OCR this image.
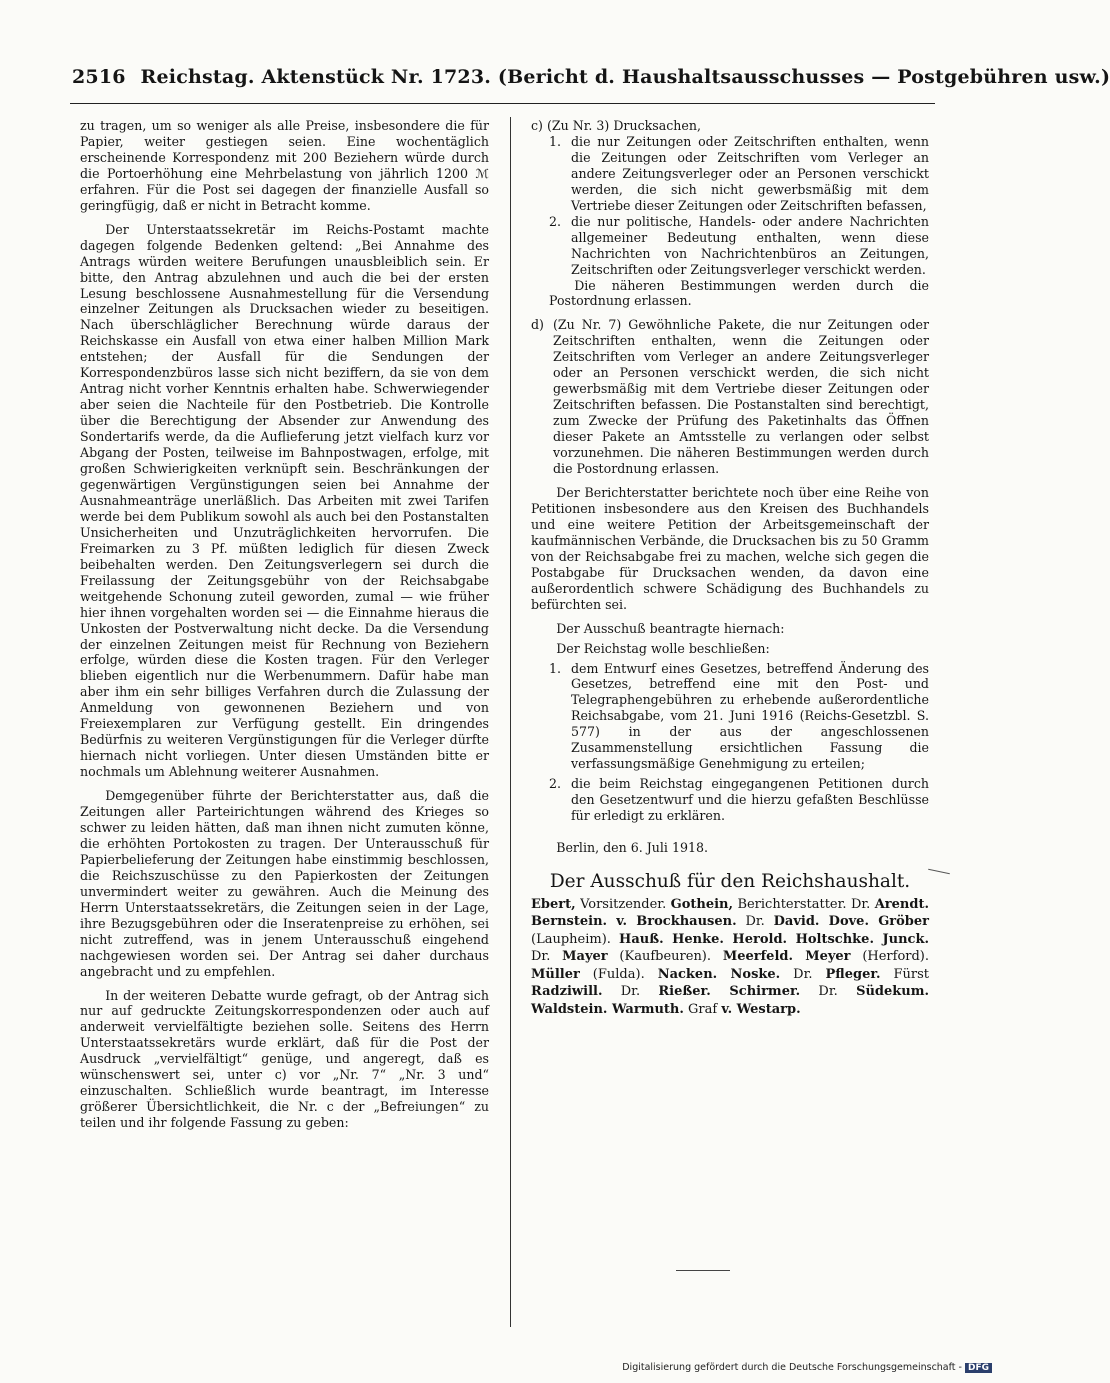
2516 Reichstag. Aktenstück Nr. 1723. (Bericht d. Haushaltsausschusses — Postgebühren usw.)

zu tragen, um so weniger als alle Preise, insbesondere die für Papier, weiter gestiegen seien. Eine wochentäglich erscheinende Korrespondenz mit 200 Beziehern würde durch die Portoerhöhung eine Mehrbelastung von jährlich 1200 ℳ erfahren. Für die Post sei dagegen der finanzielle Ausfall so geringfügig, daß er nicht in Betracht komme.

Der Unterstaatssekretär im Reichs-Postamt machte dagegen folgende Bedenken geltend: „Bei Annahme des Antrags würden weitere Berufungen unausbleiblich sein. Er bitte, den Antrag abzulehnen und auch die bei der ersten Lesung beschlossene Ausnahmestellung für die Versendung einzelner Zeitungen als Drucksachen wieder zu beseitigen. Nach überschläglicher Berechnung würde daraus der Reichskasse ein Ausfall von etwa einer halben Million Mark entstehen; der Ausfall für die Sendungen der Korrespondenzbüros lasse sich nicht beziffern, da sie von dem Antrag nicht vorher Kenntnis erhalten habe. Schwerwiegender aber seien die Nachteile für den Postbetrieb. Die Kontrolle über die Berechtigung der Absender zur Anwendung des Sondertarifs werde, da die Auflieferung jetzt vielfach kurz vor Abgang der Posten, teilweise im Bahnpostwagen, erfolge, mit großen Schwierigkeiten verknüpft sein. Beschränkungen der gegenwärtigen Vergünstigungen seien bei Annahme der Ausnahmeanträge unerläßlich. Das Arbeiten mit zwei Tarifen werde bei dem Publikum sowohl als auch bei den Postanstalten Unsicherheiten und Unzuträglichkeiten hervorrufen. Die Freimarken zu 3 Pf. müßten lediglich für diesen Zweck beibehalten werden. Den Zeitungsverlegern sei durch die Freilassung der Zeitungsgebühr von der Reichsabgabe weitgehende Schonung zuteil geworden, zumal — wie früher hier ihnen vorgehalten worden sei — die Einnahme hieraus die Unkosten der Postverwaltung nicht decke. Da die Versendung der einzelnen Zeitungen meist für Rechnung von Beziehern erfolge, würden diese die Kosten tragen. Für den Verleger blieben eigentlich nur die Werbenummern. Dafür habe man aber ihm ein sehr billiges Verfahren durch die Zulassung der Anmeldung von gewonnenen Beziehern und von Freiexemplaren zur Verfügung gestellt. Ein dringendes Bedürfnis zu weiteren Vergünstigungen für die Verleger dürfte hiernach nicht vorliegen. Unter diesen Umständen bitte er nochmals um Ablehnung weiterer Ausnahmen.

Demgegenüber führte der Berichterstatter aus, daß die Zeitungen aller Parteirichtungen während des Krieges so schwer zu leiden hätten, daß man ihnen nicht zumuten könne, die erhöhten Portokosten zu tragen. Der Unterausschuß für Papierbelieferung der Zeitungen habe einstimmig beschlossen, die Reichszuschüsse zu den Papierkosten der Zeitungen unvermindert weiter zu gewähren. Auch die Meinung des Herrn Unterstaatssekretärs, die Zeitungen seien in der Lage, ihre Bezugsgebühren oder die Inseratenpreise zu erhöhen, sei nicht zutreffend, was in jenem Unterausschuß eingehend nachgewiesen worden sei. Der Antrag sei daher durchaus angebracht und zu empfehlen.

In der weiteren Debatte wurde gefragt, ob der Antrag sich nur auf gedruckte Zeitungskorrespondenzen oder auch auf anderweit vervielfältigte beziehen solle. Seitens des Herrn Unterstaatssekretärs wurde erklärt, daß für die Post der Ausdruck „vervielfältigt“ genüge, und angeregt, daß es wünschenswert sei, unter c) vor „Nr. 7“ „Nr. 3 und“ einzuschalten. Schließlich wurde beantragt, im Interesse größerer Übersichtlichkeit, die Nr. c der „Befreiungen“ zu teilen und ihr folgende Fassung zu geben:

c) (Zu Nr. 3) Drucksachen,

1. die nur Zeitungen oder Zeitschriften enthalten, wenn die Zeitungen oder Zeitschriften vom Verleger an andere Zeitungsverleger oder an Personen verschickt werden, die sich nicht gewerbsmäßig mit dem Vertriebe dieser Zeitungen oder Zeitschriften befassen,
2. die nur politische, Handels- oder andere Nachrichten allgemeiner Bedeutung enthalten, wenn diese Nachrichten von Nachrichtenbüros an Zeitungen, Zeitschriften oder Zeitungsverleger verschickt werden.

Die näheren Bestimmungen werden durch die Postordnung erlassen.

d) (Zu Nr. 7) Gewöhnliche Pakete, die nur Zeitungen oder Zeitschriften enthalten, wenn die Zeitungen oder Zeitschriften vom Verleger an andere Zeitungsverleger oder an Personen verschickt werden, die sich nicht gewerbsmäßig mit dem Vertriebe dieser Zeitungen oder Zeitschriften befassen. Die Postanstalten sind berechtigt, zum Zwecke der Prüfung des Paketinhalts das Öffnen dieser Pakete an Amtsstelle zu verlangen oder selbst vorzunehmen. Die näheren Bestimmungen werden durch die Postordnung erlassen.

Der Berichterstatter berichtete noch über eine Reihe von Petitionen insbesondere aus den Kreisen des Buchhandels und eine weitere Petition der Arbeitsgemeinschaft der kaufmännischen Verbände, die Drucksachen bis zu 50 Gramm von der Reichsabgabe frei zu machen, welche sich gegen die Postabgabe für Drucksachen wenden, da davon eine außerordentlich schwere Schädigung des Buchhandels zu befürchten sei.

Der Ausschuß beantragte hiernach:

Der Reichstag wolle beschließen:

1. dem Entwurf eines Gesetzes, betreffend Änderung des Gesetzes, betreffend eine mit den Post- und Telegraphengebühren zu erhebende außerordentliche Reichsabgabe, vom 21. Juni 1916 (Reichs-Gesetzbl. S. 577) in der aus der angeschlossenen Zusammenstellung ersichtlichen Fassung die verfassungsmäßige Genehmigung zu erteilen;
2. die beim Reichstag eingegangenen Petitionen durch den Gesetzentwurf und die hierzu gefaßten Beschlüsse für erledigt zu erklären.

Berlin, den 6. Juli 1918.

Der Ausschuß für den Reichshaushalt.

Ebert, Vorsitzender. Gothein, Berichterstatter. Dr. Arendt. Bernstein. v. Brockhausen. Dr. David. Dove. Gröber (Laupheim). Hauß. Henke. Herold. Holtschke. Junck. Dr. Mayer (Kaufbeuren). Meerfeld. Meyer (Herford). Müller (Fulda). Nacken. Noske. Dr. Pfleger. Fürst Radziwill. Dr. Rießer. Schirmer. Dr. Südekum. Waldstein. Warmuth. Graf v. Westarp.

Digitalisierung gefördert durch die Deutsche Forschungsgemeinschaft - DFG
